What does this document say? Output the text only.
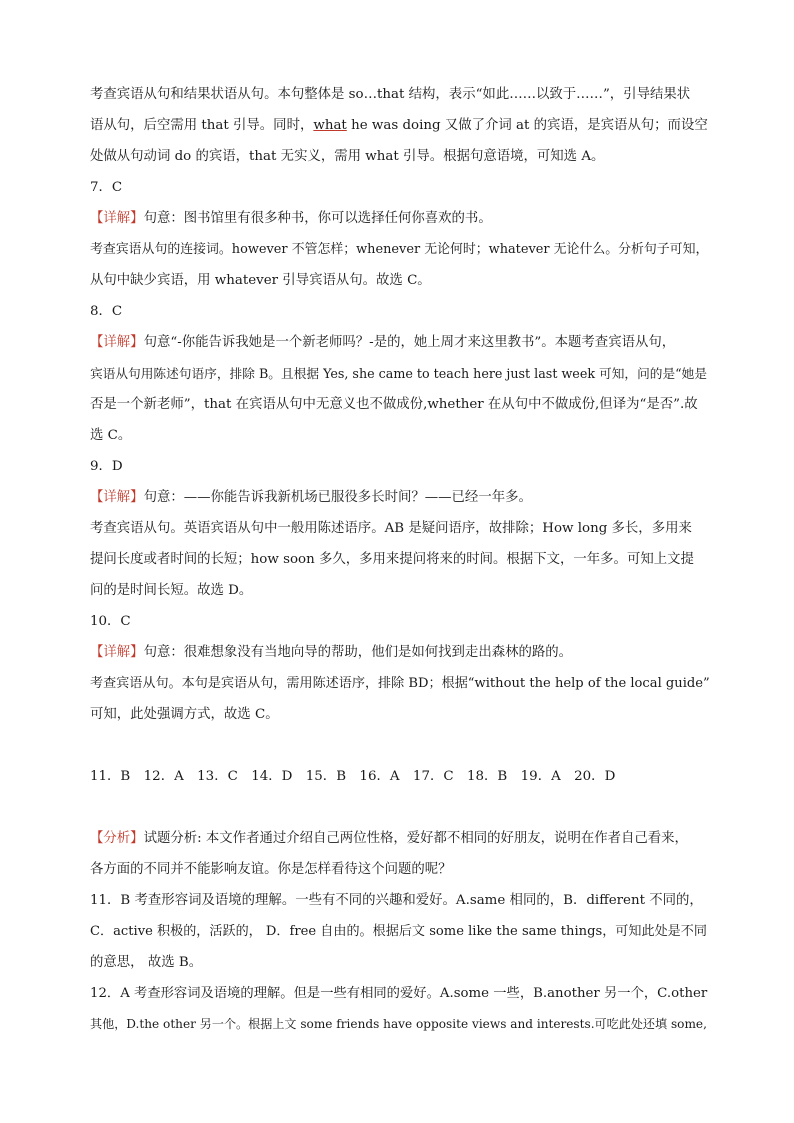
考查宾语从句和结果状语从句。本句整体是 so…that 结构，表示“如此……以致于……”，引导结果状
语从句，后空需用 that 引导。同时，what he was doing 又做了介词 at 的宾语，是宾语从句；而设空
处做从句动词 do 的宾语，that 无实义，需用 what 引导。根据句意语境，可知选 A。
7．C
【详解】句意：图书馆里有很多种书，你可以选择任何你喜欢的书。
考查宾语从句的连接词。however 不管怎样；whenever 无论何时；whatever 无论什么。分析句子可知，
从句中缺少宾语，用 whatever 引导宾语从句。故选 C。
8．C
【详解】句意“-你能告诉我她是一个新老师吗？-是的，她上周才来这里教书”。本题考查宾语从句，
宾语从句用陈述句语序，排除 B。且根据 Yes, she came to teach here just last week 可知，问的是“她是
否是一个新老师”，that 在宾语从句中无意义也不做成份,whether 在从句中不做成份,但译为“是否”.故
选 C。
9．D
【详解】句意：——你能告诉我新机场已服役多长时间？——已经一年多。
考查宾语从句。英语宾语从句中一般用陈述语序。AB 是疑问语序，故排除；How long 多长，多用来
提问长度或者时间的长短；how soon 多久，多用来提问将来的时间。根据下文，一年多。可知上文提
问的是时间长短。故选 D。
10．C
【详解】句意：很难想象没有当地向导的帮助，他们是如何找到走出森林的路的。
考查宾语从句。本句是宾语从句，需用陈述语序，排除 BD；根据“without the help of the local guide”
可知，此处强调方式，故选 C。
11．B　12．A　13．C　14．D　15．B　16．A　17．C　18．B　19．A　20．D
【分析】试题分析: 本文作者通过介绍自己两位性格，爱好都不相同的好朋友，说明在作者自己看来，
各方面的不同并不能影响友谊。你是怎样看待这个问题的呢？
11．B 考查形容词及语境的理解。一些有不同的兴趣和爱好。A.same 相同的，B．different 不同的，
C．active 积极的，活跃的， D．free 自由的。根据后文 some like the same things，可知此处是不同
的意思， 故选 B。
12．A 考查形容词及语境的理解。但是一些有相同的爱好。A.some 一些，B.another 另一个，C.other
其他，D.the other 另一个。根据上文 some friends have opposite views and interests.可吃此处还填 some,
